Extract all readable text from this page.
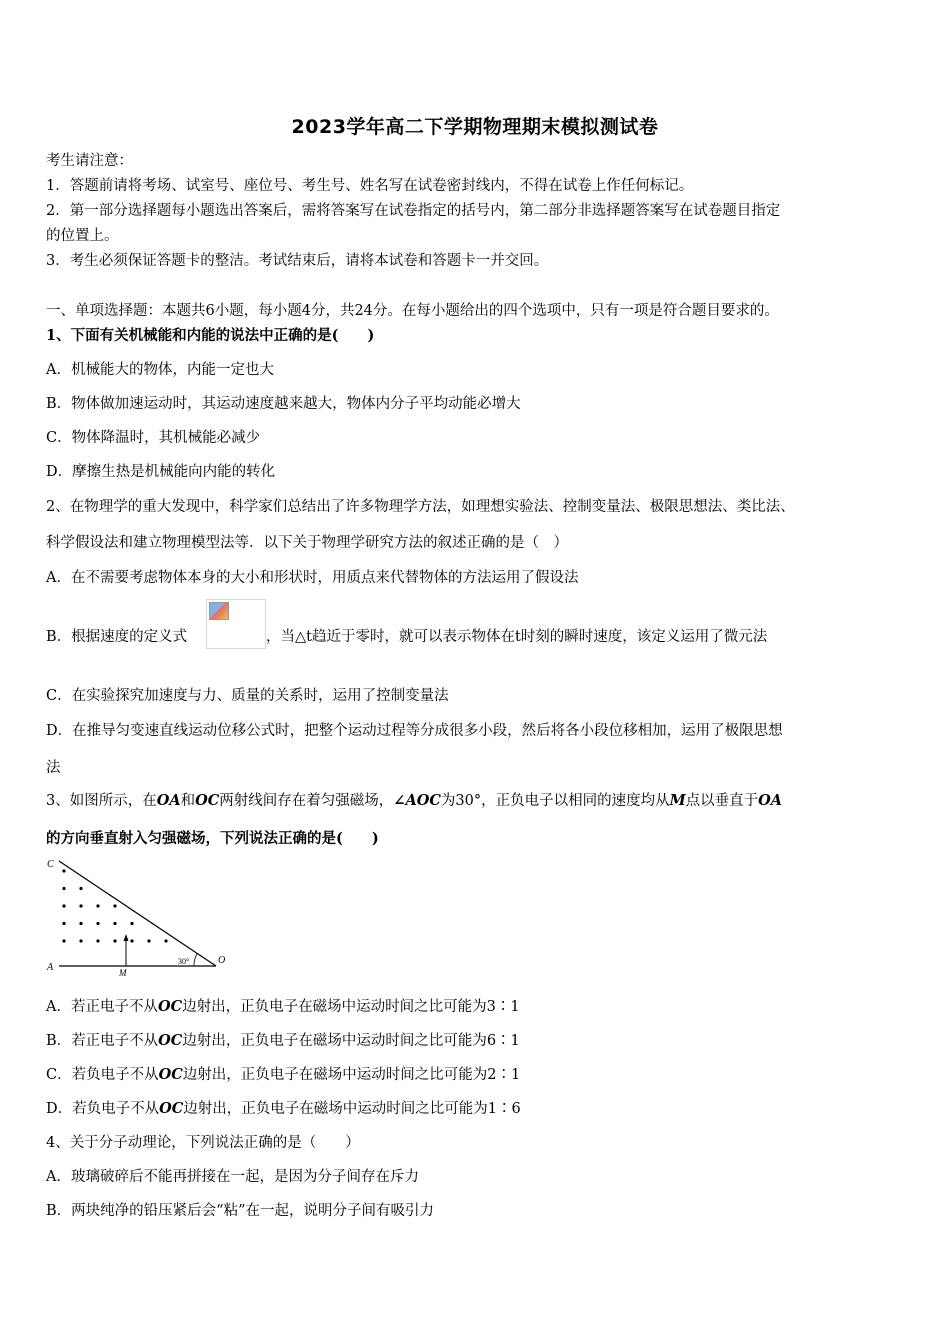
2023学年高二下学期物理期末模拟测试卷
考生请注意：
1．答题前请将考场、试室号、座位号、考生号、姓名写在试卷密封线内，不得在试卷上作任何标记。
2．第一部分选择题每小题选出答案后，需将答案写在试卷指定的括号内，第二部分非选择题答案写在试卷题目指定
的位置上。
3．考生必须保证答题卡的整洁。考试结束后，请将本试卷和答题卡一并交回。
一、单项选择题：本题共6小题，每小题4分，共24分。在每小题给出的四个选项中，只有一项是符合题目要求的。
1、下面有关机械能和内能的说法中正确的是(　　)
A．机械能大的物体，内能一定也大
B．物体做加速运动时，其运动速度越来越大，物体内分子平均动能必增大
C．物体降温时，其机械能必减少
D．摩擦生热是机械能向内能的转化
2、在物理学的重大发现中，科学家们总结出了许多物理学方法，如理想实验法、控制变量法、极限思想法、类比法、
科学假设法和建立物理模型法等．以下关于物理学研究方法的叙述正确的是（　）
A．在不需要考虑物体本身的大小和形状时，用质点来代替物体的方法运用了假设法
B．根据速度的定义式	，当△t趋近于零时，就可以表示物体在t时刻的瞬时速度，该定义运用了微元法
C．在实验探究加速度与力、质量的关系时，运用了控制变量法
D．在推导匀变速直线运动位移公式时，把整个运动过程等分成很多小段，然后将各小段位移相加，运用了极限思想
法
3、如图所示，在OA和OC两射线间存在着匀强磁场，∠AOC为30°，正负电子以相同的速度均从M点以垂直于OA
的方向垂直射入匀强磁场，下列说法正确的是(　　)
C
A
O
M
30°
A．若正电子不从OC边射出，正负电子在磁场中运动时间之比可能为3∶1
B．若正电子不从OC边射出，正负电子在磁场中运动时间之比可能为6∶1
C．若负电子不从OC边射出，正负电子在磁场中运动时间之比可能为2∶1
D．若负电子不从OC边射出，正负电子在磁场中运动时间之比可能为1∶6
4、关于分子动理论，下列说法正确的是（　　）
A．玻璃破碎后不能再拼接在一起，是因为分子间存在斥力
B．两块纯净的铅压紧后会“粘”在一起，说明分子间有吸引力
